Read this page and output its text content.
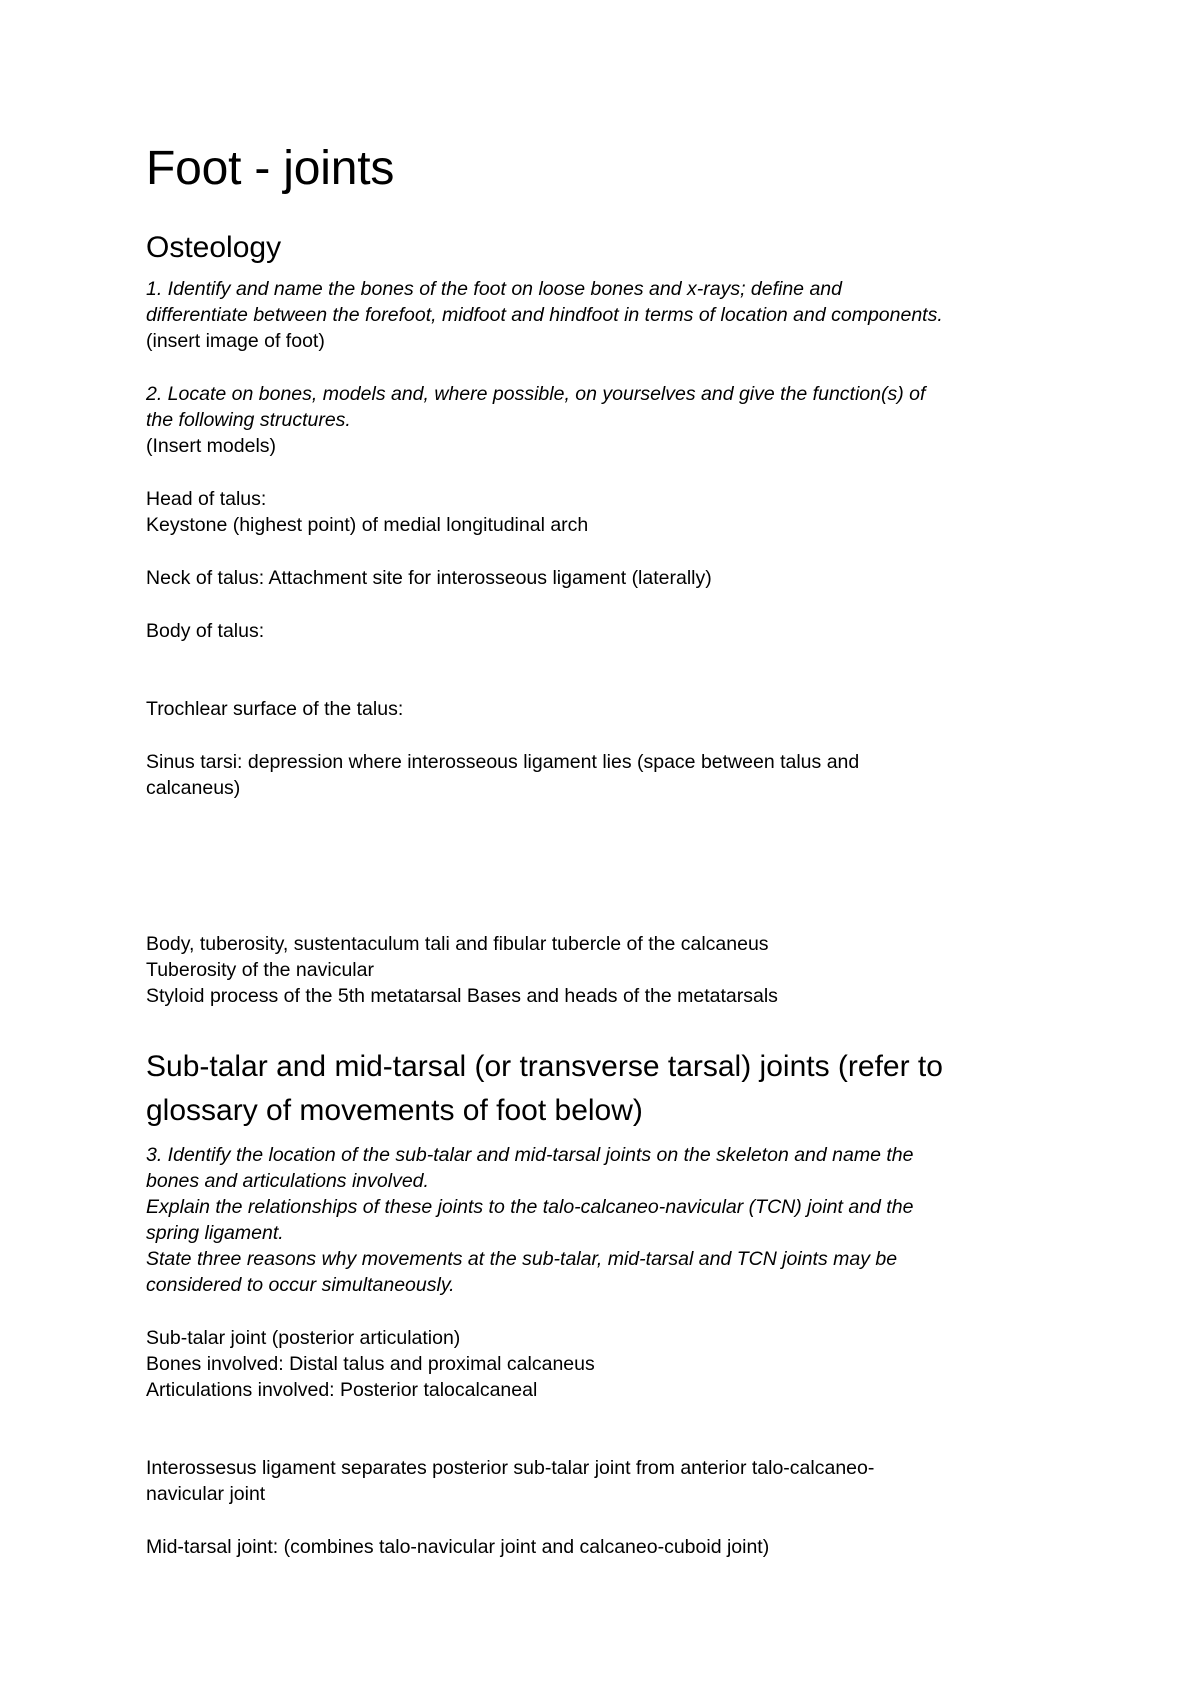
Foot - joints
Osteology

1. Identify and name the bones of the foot on loose bones and x-rays; define and

differentiate between the forefoot, midfoot and hindfoot in terms of location and components.

(insert image of foot)

2. Locate on bones, models and, where possible, on yourselves and give the function(s) of

the following structures.

(Insert models)

Head of talus:

Keystone (highest point) of medial longitudinal arch

Neck of talus: Attachment site for interosseous ligament (laterally)

Body of talus:

Trochlear surface of the talus:

Sinus tarsi: depression where interosseous ligament lies (space between talus and

calcaneus)

Body, tuberosity, sustentaculum tali and fibular tubercle of the calcaneus

Tuberosity of the navicular

Styloid process of the 5th metatarsal Bases and heads of the metatarsals

Sub-talar and mid-tarsal (or transverse tarsal) joints (refer to
glossary of movements of foot below)

3. Identify the location of the sub-talar and mid-tarsal joints on the skeleton and name the

bones and articulations involved.

Explain the relationships of these joints to the talo-calcaneo-navicular (TCN) joint and the

spring ligament.

State three reasons why movements at the sub-talar, mid-tarsal and TCN joints may be

considered to occur simultaneously.

Sub-talar joint (posterior articulation)

Bones involved: Distal talus and proximal calcaneus

Articulations involved: Posterior talocalcaneal

Interossesus ligament separates posterior sub-talar joint from anterior talo-calcaneo-

navicular joint

Mid-tarsal joint: (combines talo-navicular joint and calcaneo-cuboid joint)
